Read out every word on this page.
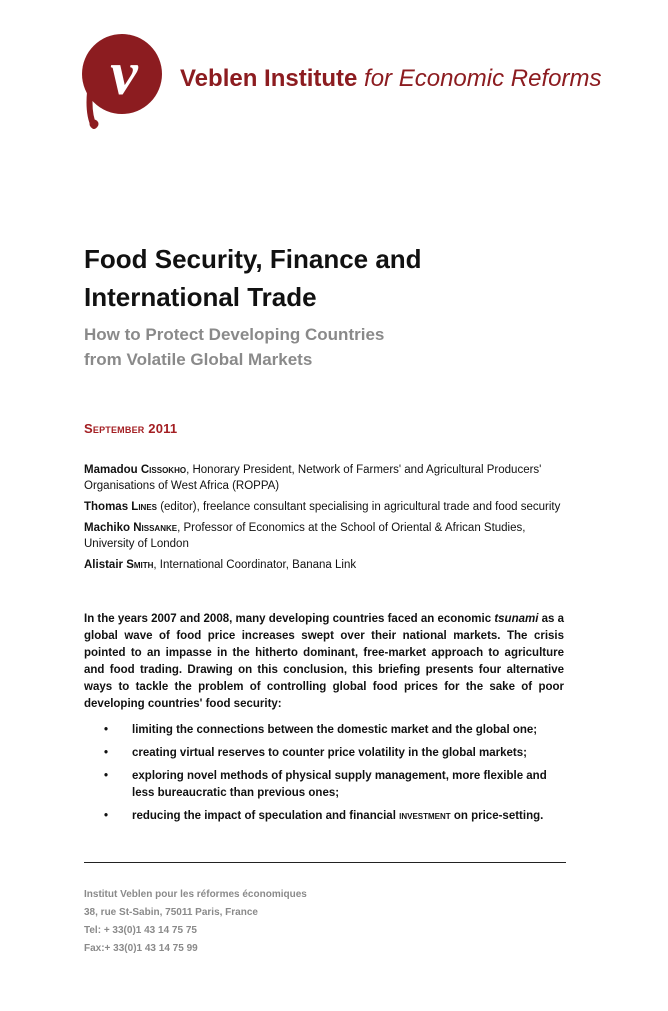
v Veblen Institute for Economic Reforms
Food Security, Finance and
International Trade
How to Protect Developing Countries
from Volatile Global Markets
September 2011
Mamadou Cissokho, Honorary President, Network of Farmers' and Agricultural Producers' Organisations of West Africa (ROPPA)
Thomas Lines (editor), freelance consultant specialising in agricultural trade and food security
Machiko Nissanke, Professor of Economics at the School of Oriental & African Studies, University of London
Alistair Smith, International Coordinator, Banana Link
In the years 2007 and 2008, many developing countries faced an economic tsunami as a global wave of food price increases swept over their national markets. The crisis pointed to an impasse in the hitherto dominant, free-market approach to agriculture and food trading. Drawing on this conclusion, this briefing presents four alternative ways to tackle the problem of controlling global food prices for the sake of poor developing countries' food security:
• limiting the connections between the domestic market and the global one;
• creating virtual reserves to counter price volatility in the global markets;
• exploring novel methods of physical supply management, more flexible and less bureaucratic than previous ones;
• reducing the impact of speculation and financial investment on price-setting.
Institut Veblen pour les réformes économiques
38, rue St-Sabin, 75011 Paris, France
Tel: + 33(0)1 43 14 75 75
Fax:+ 33(0)1 43 14 75 99
